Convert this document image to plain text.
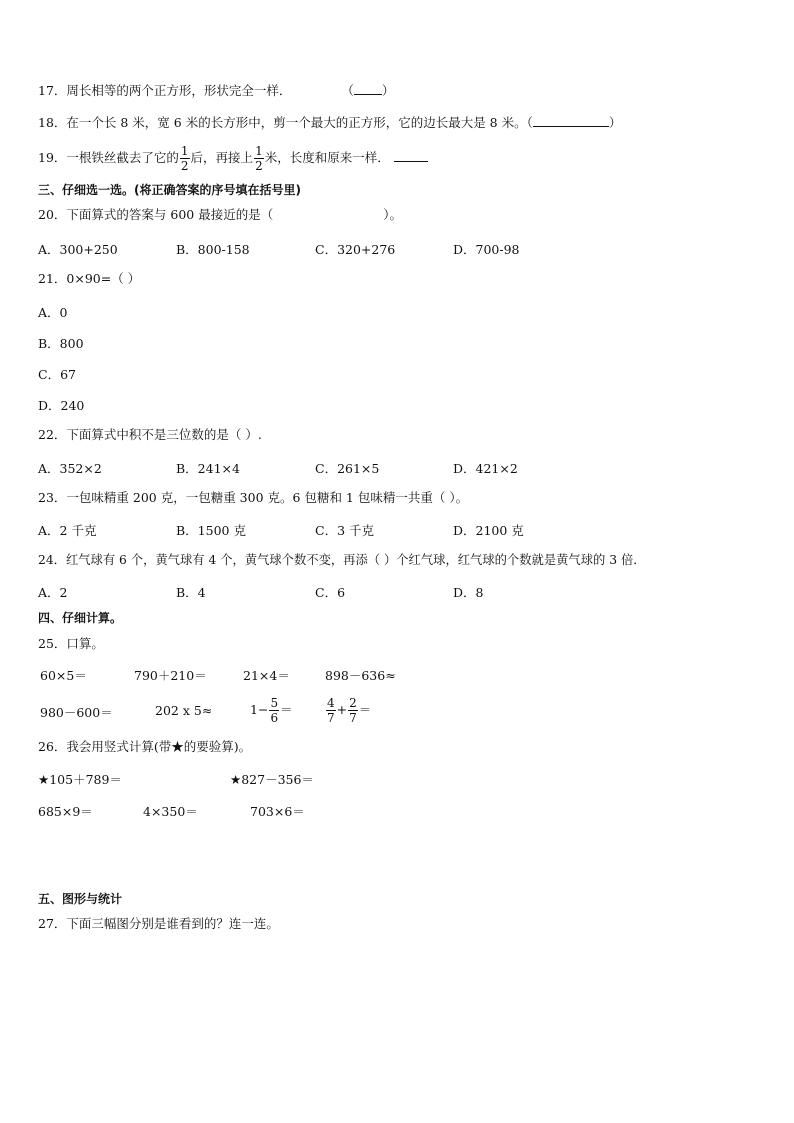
17．周长相等的两个正方形，形状完全一样．	（ ）
18．在一个长 8 米，宽 6 米的长方形中，剪一个最大的正方形，它的边长最大是 8 米。（	）
19．一根铁丝截去了它的 $\frac{1}{2}$ 后，再接上 $\frac{1}{2}$ 米，长度和原来一样．
三、仔细选一选。(将正确答案的序号填在括号里)
20．下面算式的答案与 600 最接近的是（	）。
A．300+250	B．800-158	C．320+276	D．700-98
21．0×90=（ ）
A．0
B．800
C．67
D．240
22．下面算式中积不是三位数的是（ ）.
A．352×2	B．241×4	C．261×5	D．421×2
23．一包味精重 200 克，一包糖重 300 克。6 包糖和 1 包味精一共重（ ）。
A．2 千克	B．1500 克	C．3 千克	D．2100 克
24．红气球有 6 个，黄气球有 4 个，黄气球个数不变，再添（ ）个红气球，红气球的个数就是黄气球的 3 倍．
A．2	B．4	C．6	D．8
四、仔细计算。
25．口算。
60×5＝	790＋210＝	21×4＝	898－636≈
980－600＝	202 x 5≈	$1- \frac{5}{6}$ ＝	$\frac{4}{7} + \frac{2}{7}$ ＝
26．我会用竖式计算(带★的要验算)。
★105＋789＝	★827－356＝
685×9＝	4×350＝	703×6＝
五、图形与统计
27．下面三幅图分别是谁看到的？连一连。
